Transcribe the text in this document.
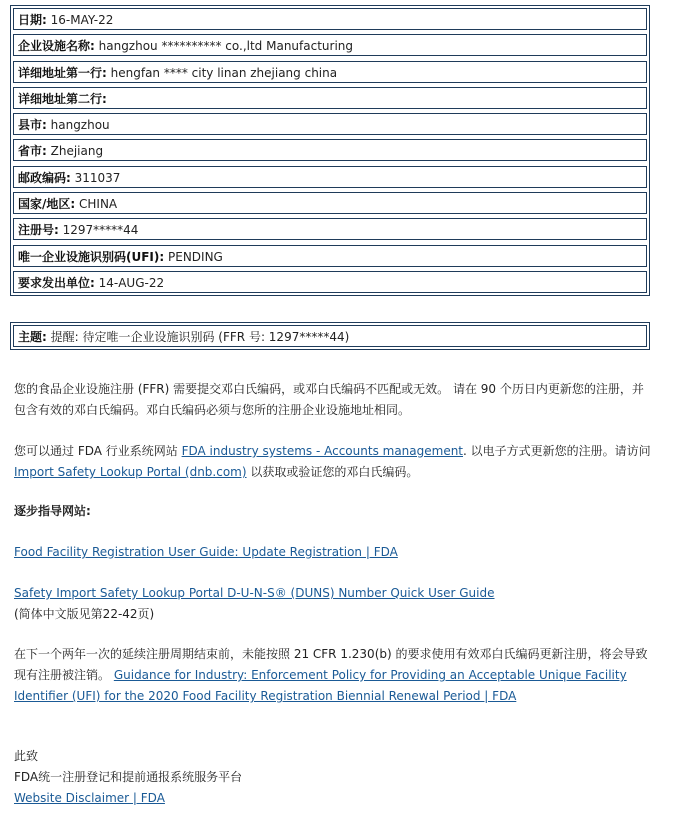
日期: 16-MAY-22
企业设施名称: hangzhou ********** co.,ltd Manufacturing
详细地址第一行: hengfan **** city linan zhejiang china
详细地址第二行:
县市: hangzhou
省市: Zhejiang
邮政编码: 311037
国家/地区: CHINA
注册号: 1297*****44
唯一企业设施识别码(UFI): PENDING
要求发出单位: 14-AUG-22
主题: 提醒: 待定唯一企业设施识别码 (FFR 号: 1297*****44)

您的食品企业设施注册 (FFR) 需要提交邓白氏编码，或邓白氏编码不匹配或无效。 请在 90 个历日内更新您的注册，并包含有效的邓白氏编码。邓白氏编码必须与您所的注册企业设施地址相同。

您可以通过 FDA 行业系统网站 FDA industry systems - Accounts management. 以电子方式更新您的注册。请访问 Import Safety Lookup Portal (dnb.com) 以获取或验证您的邓白氏编码。

逐步指导网站:

Food Facility Registration User Guide: Update Registration | FDA

Safety Import Safety Lookup Portal D-U-N-S® (DUNS) Number Quick User Guide
(简体中文版见第22-42页)

在下一个两年一次的延续注册周期结束前，未能按照 21 CFR 1.230(b) 的要求使用有效邓白氏编码更新注册，将会导致现有注册被注销。 Guidance for Industry: Enforcement Policy for Providing an Acceptable Unique Facility Identifier (UFI) for the 2020 Food Facility Registration Biennial Renewal Period | FDA

此致
FDA统一注册登记和提前通报系统服务平台
Website Disclaimer | FDA
